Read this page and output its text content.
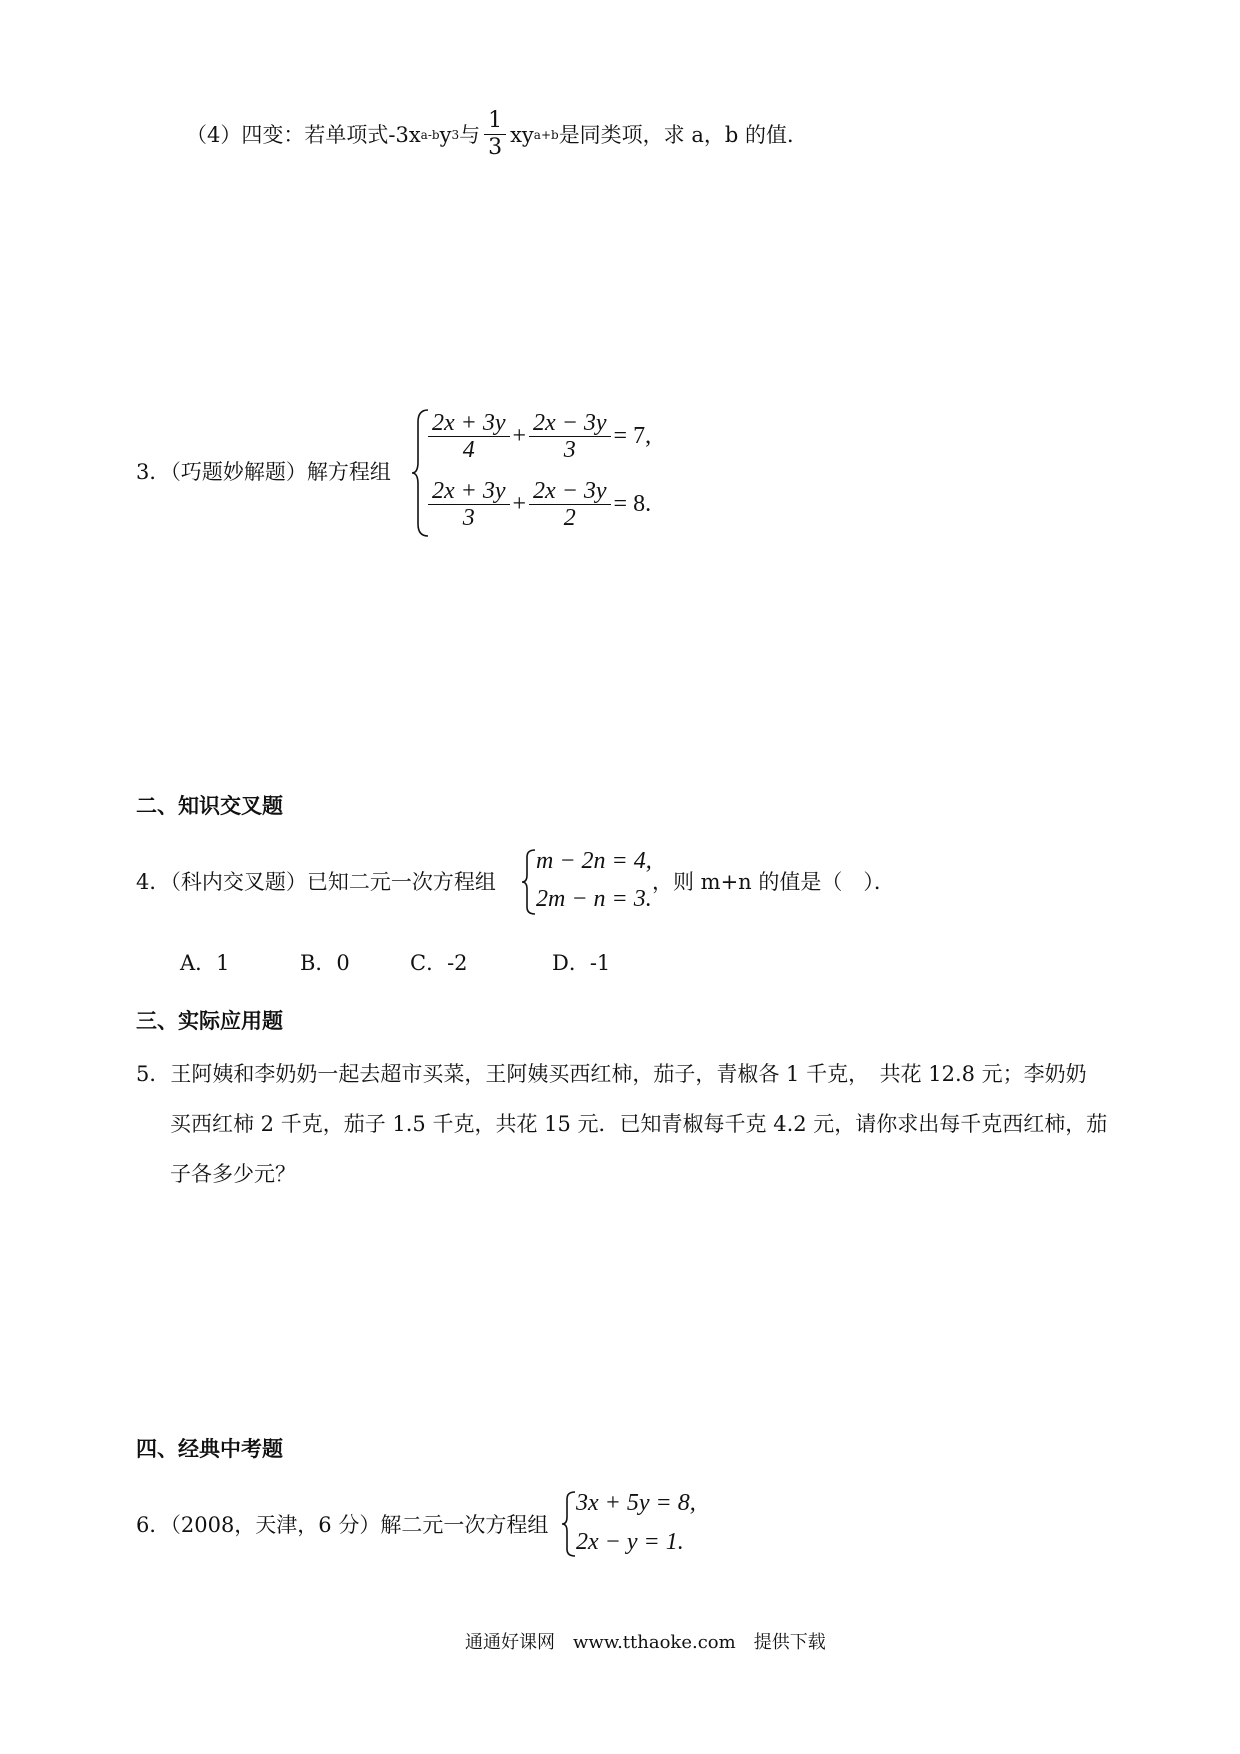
（4）四变：若单项式-3x a-b y 3 与 $\frac{1}{3}$ xy a+b 是同类项，求 a，b 的值．
3．（巧题妙解题）解方程组
$\frac{2x + 3y}{4} + \frac{2x - 3y}{3} = 7$,
$\frac{2x + 3y}{3} + \frac{2x - 3y}{2} = 8$.
二、知识交叉题
4．（科内交叉题）已知二元一次方程组
m − 2n = 4,
2m − n = 3.
，则 m+n 的值是（　）．
A．1	B．0	C．-2	D．-1
三、实际应用题
5．王阿姨和李奶奶一起去超市买菜，王阿姨买西红柿，茄子，青椒各 1 千克，　共花 12.8 元；李奶奶
买西红柿 2 千克，茄子 1.5 千克，共花 15 元．已知青椒每千克 4.2 元，请你求出每千克西红柿，茄
子各多少元？
四、经典中考题
6．（2008，天津，6 分）解二元一次方程组
3x + 5y = 8,
2x − y = 1.
通通好课网　www.tthaoke.com　提供下载
